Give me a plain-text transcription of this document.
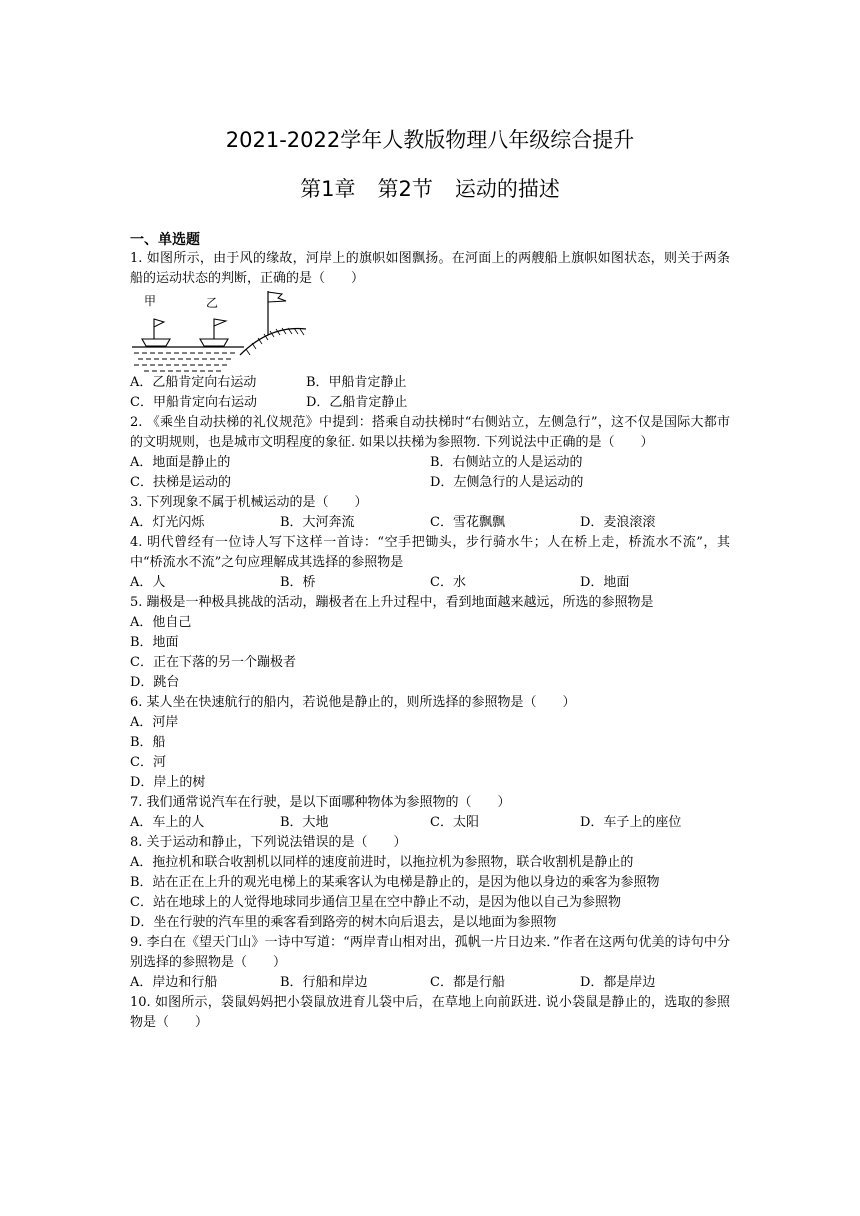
2021-2022学年人教版物理八年级综合提升
第1章 第2节 运动的描述
一、单选题
1. 如图所示，由于风的缘故，河岸上的旗帜如图飘扬。在河面上的两艘船上旗帜如图状态，则关于两条船的运动状态的判断，正确的是（　　）
甲	乙
A．乙船肯定向右运动	B．甲船肯定静止
C．甲船肯定向右运动	D．乙船肯定静止
2. 《乘坐自动扶梯的礼仪规范》中提到：搭乘自动扶梯时“右侧站立，左侧急行”，这不仅是国际大都市的文明规则，也是城市文明程度的象征. 如果以扶梯为参照物. 下列说法中正确的是（　　）
A．地面是静止的	B．右侧站立的人是运动的
C．扶梯是运动的	D．左侧急行的人是运动的
3. 下列现象不属于机械运动的是（　　）
A．灯光闪烁	B．大河奔流	C．雪花飘飘	D．麦浪滚滚
4. 明代曾经有一位诗人写下这样一首诗：“空手把锄头，步行骑水牛；人在桥上走，桥流水不流”，其中“桥流水不流”之句应理解成其选择的参照物是
A．人	B．桥	C．水	D．地面
5. 蹦极是一种极具挑战的活动，蹦极者在上升过程中，看到地面越来越远，所选的参照物是
A．他自己
B．地面
C．正在下落的另一个蹦极者
D．跳台
6. 某人坐在快速航行的船内，若说他是静止的，则所选择的参照物是（　　）
A．河岸
B．船
C．河
D．岸上的树
7. 我们通常说汽车在行驶，是以下面哪种物体为参照物的（　　）
A．车上的人	B．大地	C．太阳	D．车子上的座位
8. 关于运动和静止，下列说法错误的是（　　）
A．拖拉机和联合收割机以同样的速度前进时，以拖拉机为参照物，联合收割机是静止的
B．站在正在上升的观光电梯上的某乘客认为电梯是静止的，是因为他以身边的乘客为参照物
C．站在地球上的人觉得地球同步通信卫星在空中静止不动，是因为他以自己为参照物
D．坐在行驶的汽车里的乘客看到路旁的树木向后退去，是以地面为参照物
9. 李白在《望天门山》一诗中写道：“两岸青山相对出，孤帆一片日边来．”作者在这两句优美的诗句中分别选择的参照物是（　　）
A．岸边和行船	B．行船和岸边	C．都是行船	D．都是岸边
10. 如图所示，袋鼠妈妈把小袋鼠放进育儿袋中后，在草地上向前跃进. 说小袋鼠是静止的，选取的参照物是（　　）
